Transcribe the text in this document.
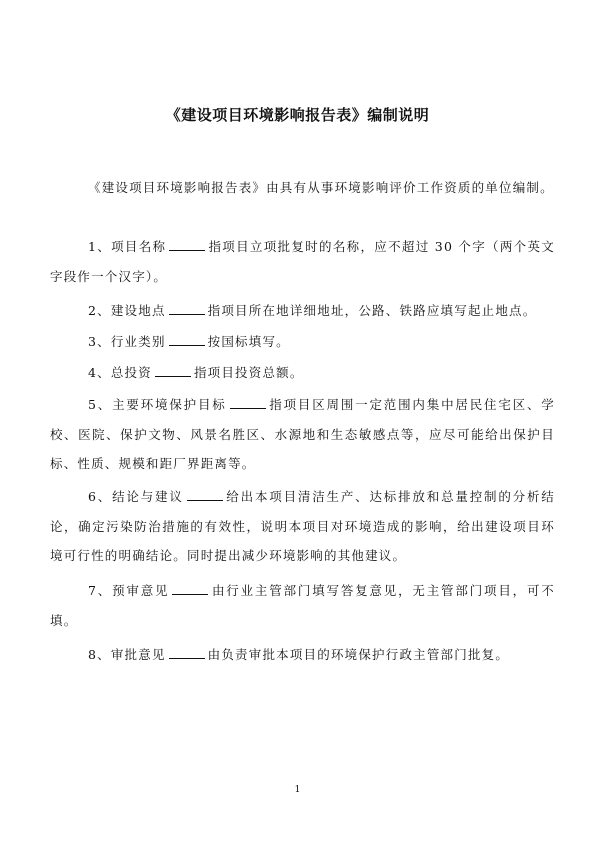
《建设项目环境影响报告表》编制说明

《建设项目环境影响报告表》由具有从事环境影响评价工作资质的单位编制。

1、项目名称	指项目立项批复时的名称，应不超过 30 个字（两个英文字段作一个汉字）。

2、建设地点	指项目所在地详细地址，公路、铁路应填写起止地点。

3、行业类别	按国标填写。

4、总投资	指项目投资总额。

5、主要环境保护目标	指项目区周围一定范围内集中居民住宅区、学校、医院、保护文物、风景名胜区、水源地和生态敏感点等，应尽可能给出保护目标、性质、规模和距厂界距离等。

6、结论与建议	给出本项目清洁生产、达标排放和总量控制的分析结论，确定污染防治措施的有效性，说明本项目对环境造成的影响，给出建设项目环境可行性的明确结论。同时提出减少环境影响的其他建议。

7、预审意见	由行业主管部门填写答复意见，无主管部门项目，可不填。

8、审批意见	由负责审批本项目的环境保护行政主管部门批复。

1
